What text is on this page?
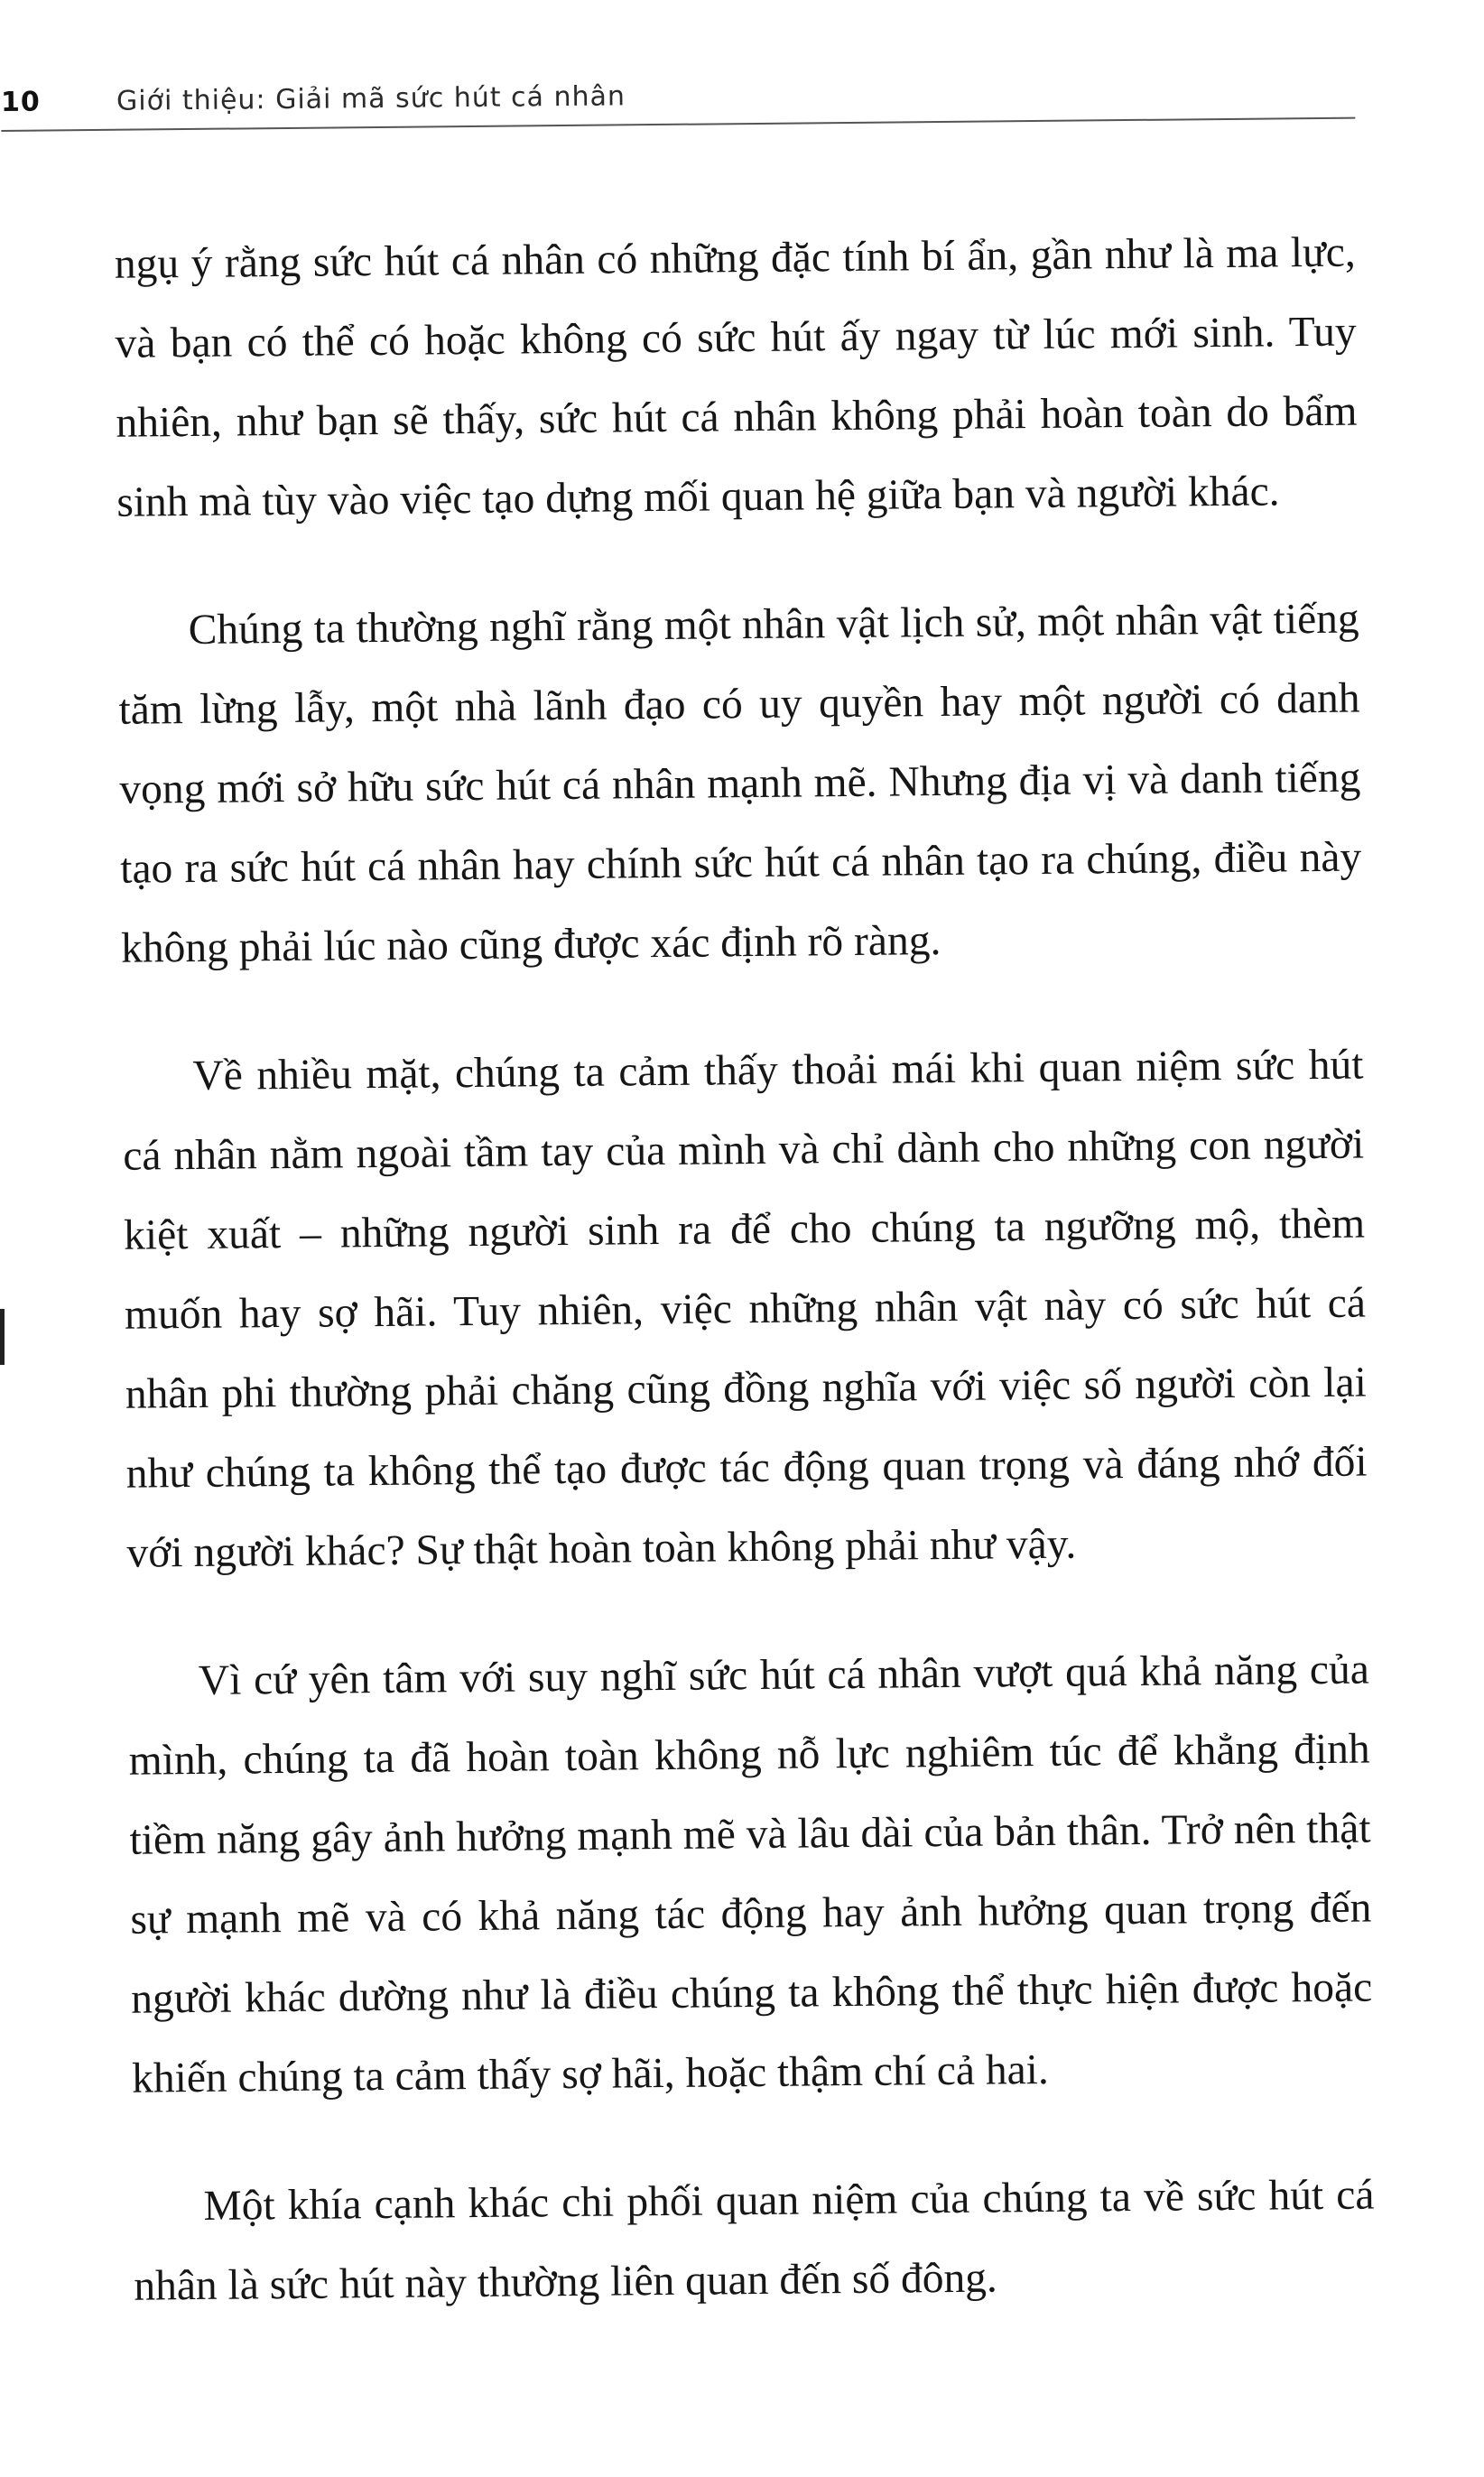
10	Giới thiệu: Giải mã sức hút cá nhân

ngụ ý rằng sức hút cá nhân có những đặc tính bí ẩn, gần như là ma lực, và bạn có thể có hoặc không có sức hút ấy ngay từ lúc mới sinh. Tuy nhiên, như bạn sẽ thấy, sức hút cá nhân không phải hoàn toàn do bẩm sinh mà tùy vào việc tạo dựng mối quan hệ giữa bạn và người khác.

Chúng ta thường nghĩ rằng một nhân vật lịch sử, một nhân vật tiếng tăm lừng lẫy, một nhà lãnh đạo có uy quyền hay một người có danh vọng mới sở hữu sức hút cá nhân mạnh mẽ. Nhưng địa vị và danh tiếng tạo ra sức hút cá nhân hay chính sức hút cá nhân tạo ra chúng, điều này không phải lúc nào cũng được xác định rõ ràng.

Về nhiều mặt, chúng ta cảm thấy thoải mái khi quan niệm sức hút cá nhân nằm ngoài tầm tay của mình và chỉ dành cho những con người kiệt xuất – những người sinh ra để cho chúng ta ngưỡng mộ, thèm muốn hay sợ hãi. Tuy nhiên, việc những nhân vật này có sức hút cá nhân phi thường phải chăng cũng đồng nghĩa với việc số người còn lại như chúng ta không thể tạo được tác động quan trọng và đáng nhớ đối với người khác? Sự thật hoàn toàn không phải như vậy.

Vì cứ yên tâm với suy nghĩ sức hút cá nhân vượt quá khả năng của mình, chúng ta đã hoàn toàn không nỗ lực nghiêm túc để khẳng định tiềm năng gây ảnh hưởng mạnh mẽ và lâu dài của bản thân. Trở nên thật sự mạnh mẽ và có khả năng tác động hay ảnh hưởng quan trọng đến người khác dường như là điều chúng ta không thể thực hiện được hoặc khiến chúng ta cảm thấy sợ hãi, hoặc thậm chí cả hai.

Một khía cạnh khác chi phối quan niệm của chúng ta về sức hút cá nhân là sức hút này thường liên quan đến số đông.
